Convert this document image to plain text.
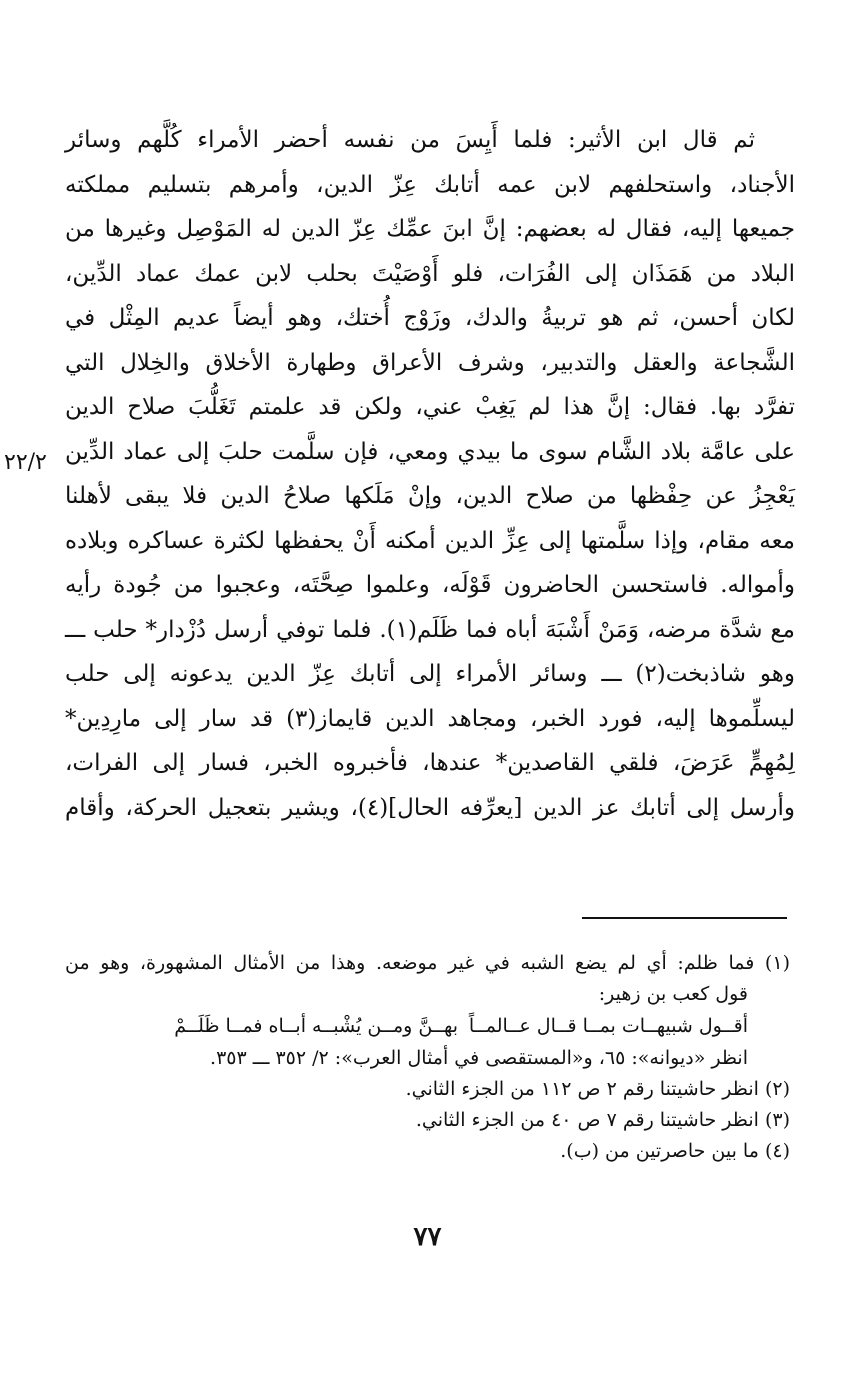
ثم قال ابن الأثير: فلما أَيِسَ من نفسه أحضر الأمراء كُلَّهم وسائر
الأجناد، واستحلفهم لابن عمه أتابك عِزّ الدين، وأمرهم بتسليم مملكته
جميعها إليه، فقال له بعضهم: إنَّ ابنَ عمِّك عِزّ الدين له المَوْصِل وغيرها من
البلاد من هَمَذَان إلى الفُرَات، فلو أَوْصَيْتَ بحلب لابن عمك عماد الدِّين،
لكان أحسن، ثم هو تربيةُ والدك، وزَوْج أُختك، وهو أيضاً عديم المِثْل في
الشَّجاعة والعقل والتدبير، وشرف الأعراق وطهارة الأخلاق والخِلال التي
تفرَّد بها. فقال: إنَّ هذا لم يَغِبْ عني، ولكن قد علمتم تَغَلُّبَ صلاح الدين
على عامَّة بلاد الشَّام سوى ما بيدي ومعي، فإن سلَّمت حلبَ إلى عماد الدِّين
يَعْجِزُ عن حِفْظها من صلاح الدين، وإنْ مَلَكها صلاحُ الدين فلا يبقى لأهلنا
معه مقام، وإذا سلَّمتها إلى عِزِّ الدين أمكنه أَنْ يحفظها لكثرة عساكره وبلاده
وأمواله. فاستحسن الحاضرون قَوْلَه، وعلموا صِحَّتَه، وعجبوا من جُودة رأيه
مع شدَّة مرضه، وَمَنْ أَشْبَهَ أباه فما ظَلَم(١). فلما توفي أرسل دُزْدار* حلب ـــ
وهو شاذبخت(٢) ـــ وسائر الأمراء إلى أتابك عِزّ الدين يدعونه إلى حلب
ليسلِّموها إليه، فورد الخبر، ومجاهد الدين قايماز(٣) قد سار إلى مارِدِين*
لِمُهِمٍّ عَرَضَ، فلقي القاصدين* عندها، فأخبروه الخبر، فسار إلى الفرات،
وأرسل إلى أتابك عز الدين [يعرِّفه الحال](٤)، ويشير بتعجيل الحركة، وأقام
٢٢/٢
(١) فما ظلم: أي لم يضع الشبه في غير موضعه. وهذا من الأمثال المشهورة، وهو من
قول كعب بن زهير:
أقــول شبيهــات بمــا قــال عــالمــاًبهــنَّ ومــن يُشْبــه أبــاه فمــا ظَلَــمْ
انظر «ديوانه»: ٦٥، و«المستقصى في أمثال العرب»: ٢/ ٣٥٢ ـــ ٣٥٣.
(٢) انظر حاشيتنا رقم ٢ ص ١١٢ من الجزء الثاني.
(٣) انظر حاشيتنا رقم ٧ ص ٤٠ من الجزء الثاني.
(٤) ما بين حاصرتين من (ب).
٧٧
